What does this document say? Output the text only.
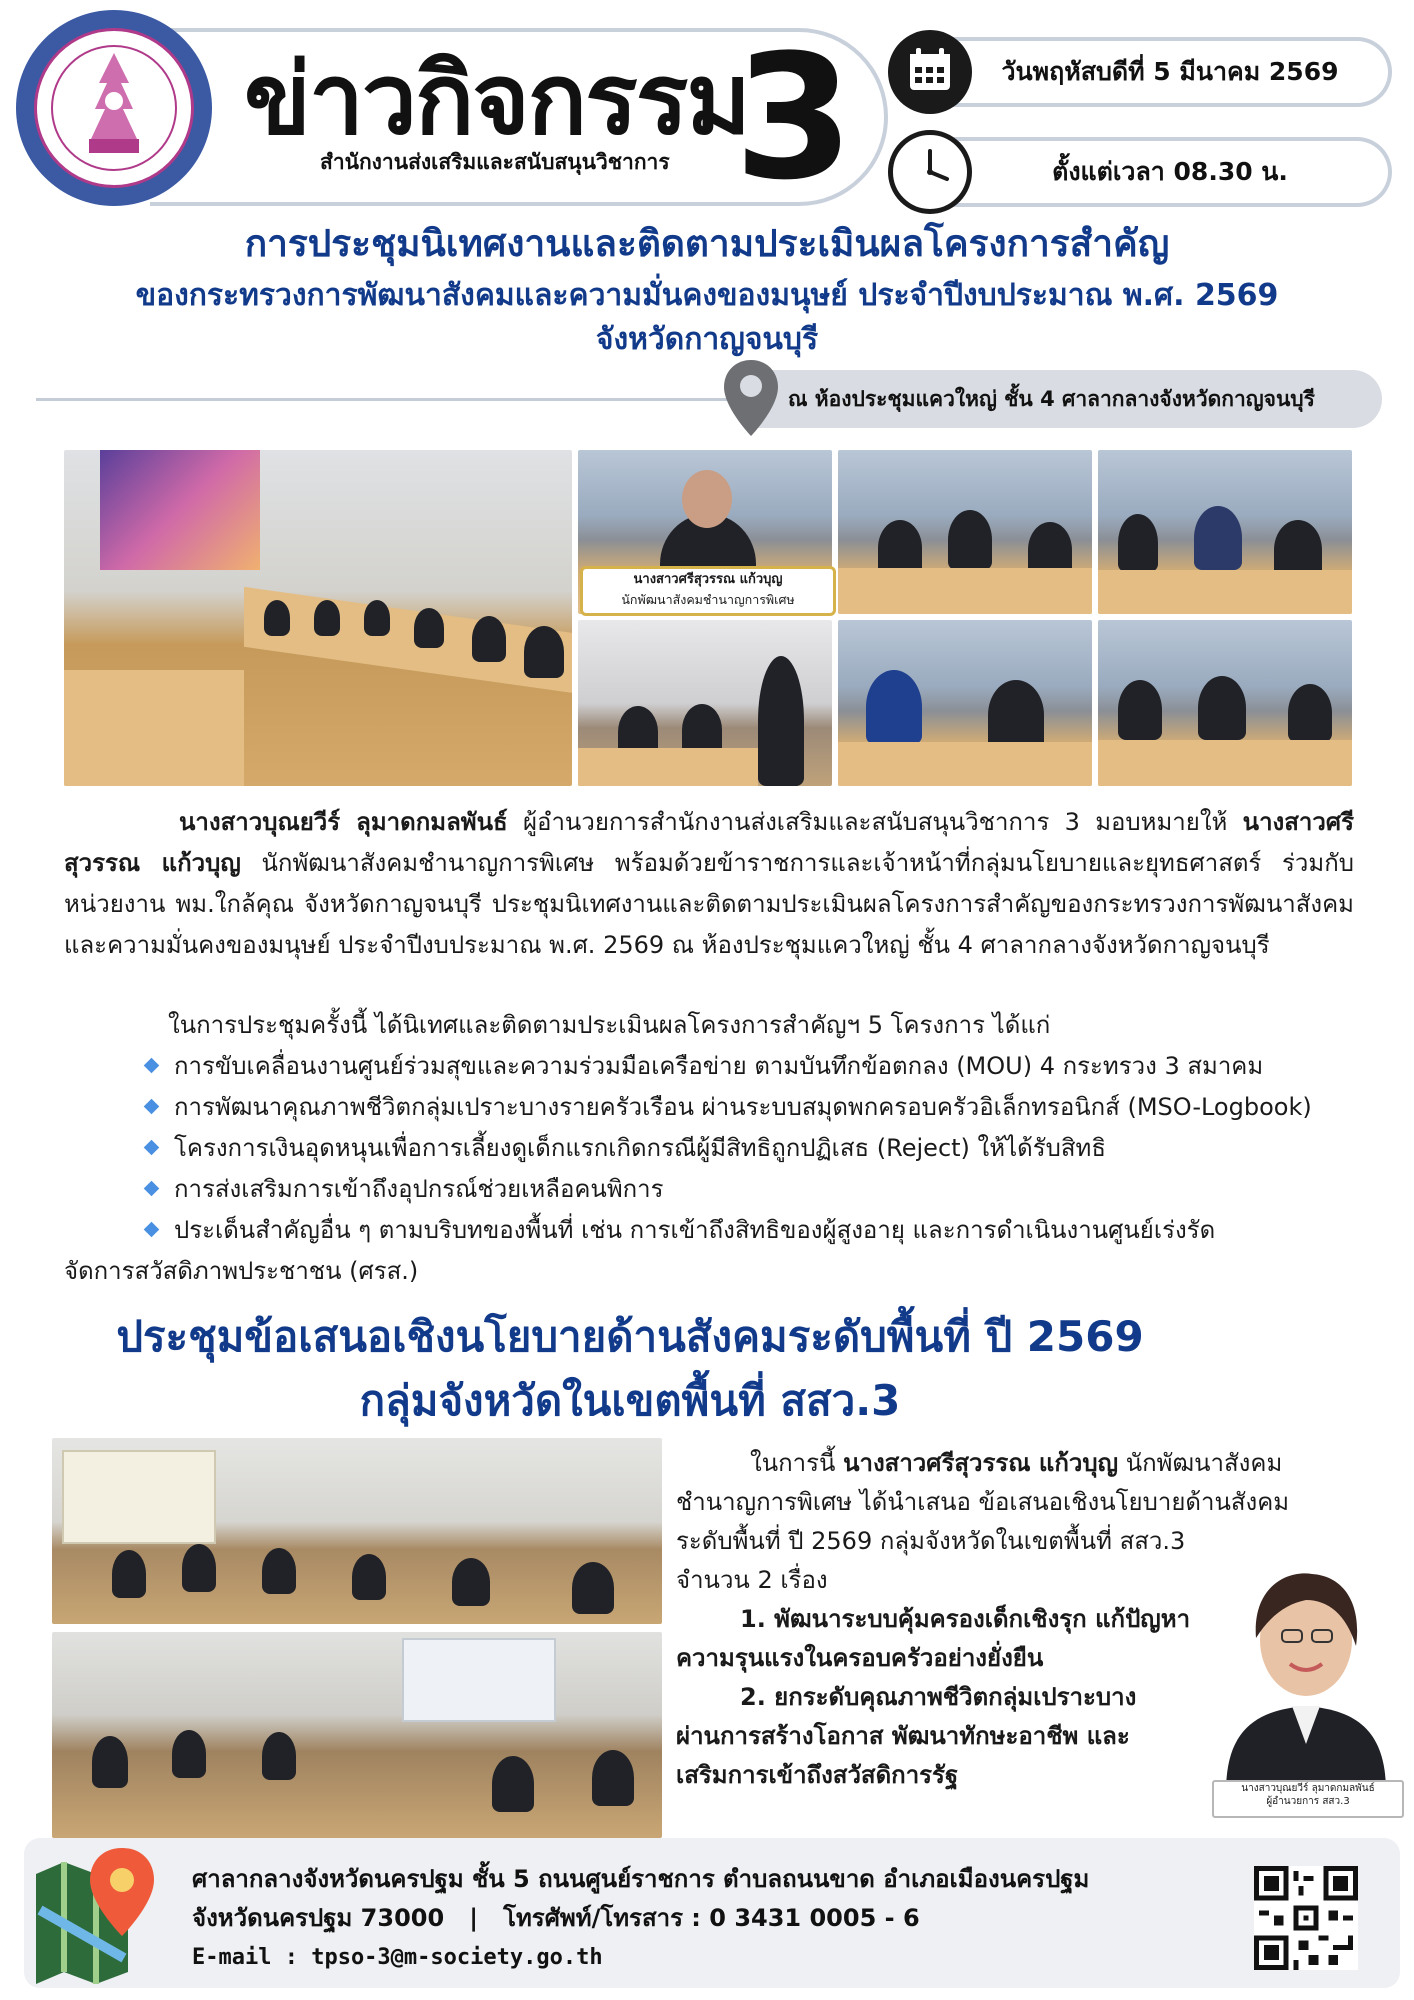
ข่าวกิจกรรม
3
สำนักงานส่งเสริมและสนับสนุนวิชาการ
วันพฤหัสบดีที่ 5 มีนาคม 2569
ตั้งแต่เวลา 08.30 น.
การประชุมนิเทศงานและติดตามประเมินผลโครงการสำคัญ
ของกระทรวงการพัฒนาสังคมและความมั่นคงของมนุษย์ ประจำปีงบประมาณ พ.ศ. 2569
จังหวัดกาญจนบุรี
ณ ห้องประชุมแควใหญ่ ชั้น 4 ศาลากลางจังหวัดกาญจนบุรี
นางสาวศรีสุวรรณ แก้วบุญ
นักพัฒนาสังคมชำนาญการพิเศษ
นางสาวบุณยวีร์ ลุมาดกมลพันธ์ ผู้อำนวยการสำนักงานส่งเสริมและสนับสนุนวิชาการ 3 มอบหมายให้ นางสาวศรีสุวรรณ แก้วบุญ นักพัฒนาสังคมชำนาญการพิเศษ พร้อมด้วยข้าราชการและเจ้าหน้าที่กลุ่มนโยบายและยุทธศาสตร์ ร่วมกับ หน่วยงาน พม.ใกล้คุณ จังหวัดกาญจนบุรี ประชุมนิเทศงานและติดตามประเมินผลโครงการสำคัญของกระทรวงการพัฒนาสังคมและความมั่นคงของมนุษย์ ประจำปีงบประมาณ พ.ศ. 2569 ณ ห้องประชุมแควใหญ่ ชั้น 4 ศาลากลางจังหวัดกาญจนบุรี
ในการประชุมครั้งนี้ ได้นิเทศและติดตามประเมินผลโครงการสำคัญฯ 5 โครงการ ได้แก่
การขับเคลื่อนงานศูนย์ร่วมสุขและความร่วมมือเครือข่าย ตามบันทึกข้อตกลง (MOU) 4 กระทรวง 3 สมาคม
การพัฒนาคุณภาพชีวิตกลุ่มเปราะบางรายครัวเรือน ผ่านระบบสมุดพกครอบครัวอิเล็กทรอนิกส์ (MSO-Logbook)
โครงการเงินอุดหนุนเพื่อการเลี้ยงดูเด็กแรกเกิดกรณีผู้มีสิทธิถูกปฏิเสธ (Reject) ให้ได้รับสิทธิ
การส่งเสริมการเข้าถึงอุปกรณ์ช่วยเหลือคนพิการ
ประเด็นสำคัญอื่น ๆ ตามบริบทของพื้นที่ เช่น การเข้าถึงสิทธิของผู้สูงอายุ และการดำเนินงานศูนย์เร่งรัด
จัดการสวัสดิภาพประชาชน (ศรส.)
ประชุมข้อเสนอเชิงนโยบายด้านสังคมระดับพื้นที่ ปี 2569
กลุ่มจังหวัดในเขตพื้นที่ สสว.3
ในการนี้ นางสาวศรีสุวรรณ แก้วบุญ นักพัฒนาสังคม
ชำนาญการพิเศษ ได้นำเสนอ ข้อเสนอเชิงนโยบายด้านสังคม
ระดับพื้นที่ ปี 2569 กลุ่มจังหวัดในเขตพื้นที่ สสว.3
จำนวน 2 เรื่อง
1. พัฒนาระบบคุ้มครองเด็กเชิงรุก แก้ปัญหา
ความรุนแรงในครอบครัวอย่างยั่งยืน
2. ยกระดับคุณภาพชีวิตกลุ่มเปราะบาง
ผ่านการสร้างโอกาส พัฒนาทักษะอาชีพ และ
เสริมการเข้าถึงสวัสดิการรัฐ	นางสาวบุณยวีร์ ลุมาดกมลพันธ์
ผู้อำนวยการ สสว.3
ศาลากลางจังหวัดนครปฐม ชั้น 5 ถนนศูนย์ราชการ ตำบลถนนขาด อำเภอเมืองนครปฐม
จังหวัดนครปฐม 73000 | โทรศัพท์/โทรสาร : 0 3431 0005 - 6
E-mail : tpso-3@m-society.go.th
